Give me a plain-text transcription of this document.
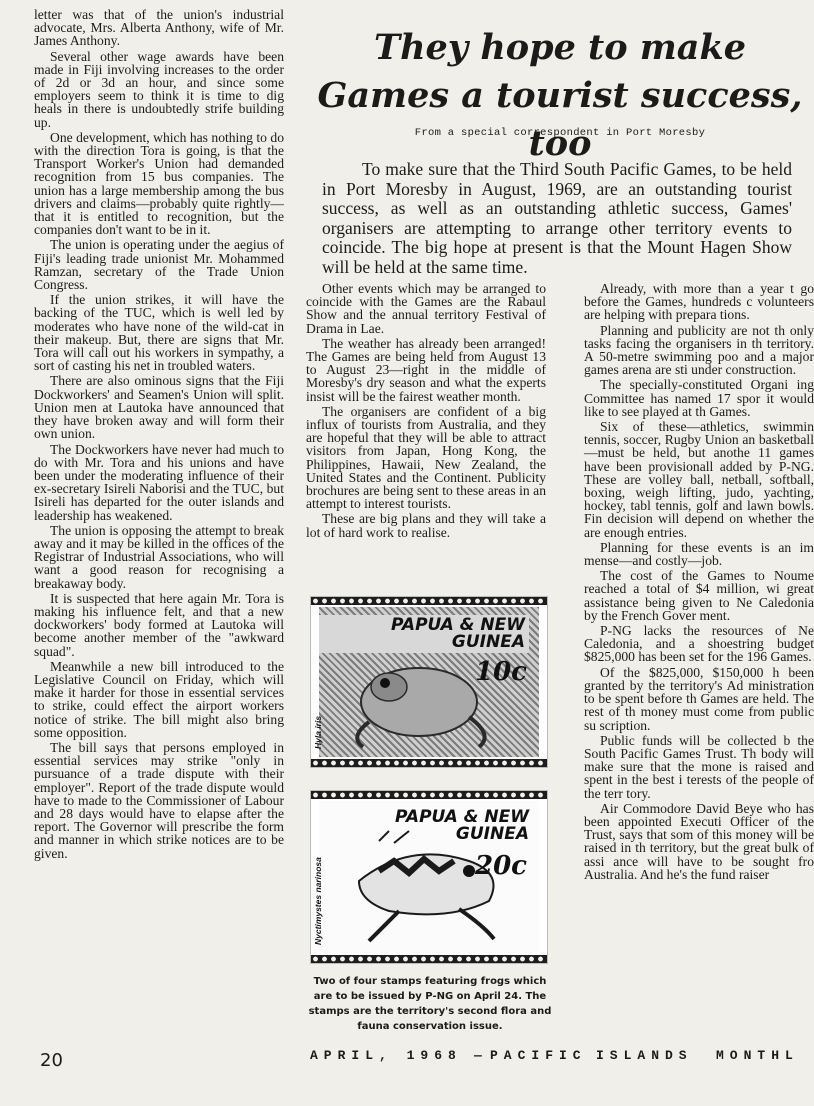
letter was that of the union's industrial advocate, Mrs. Alberta Anthony, wife of Mr. James Anthony.

Several other wage awards have been made in Fiji involving increases to the order of 2d or 3d an hour, and since some employers seem to think it is time to dig heals in there is undoubtedly strife building up.

One development, which has nothing to do with the direction Tora is going, is that the Transport Worker's Union had demanded recognition from 15 bus companies. The union has a large membership among the bus drivers and claims—probably quite rightly— that it is entitled to recognition, but the companies don't want to be in it.

The union is operating under the aegius of Fiji's leading trade unionist Mr. Mohammed Ramzan, secretary of the Trade Union Congress.

If the union strikes, it will have the backing of the TUC, which is well led by moderates who have none of the wild-cat in their makeup. But, there are signs that Mr. Tora will call out his workers in sympathy, a sort of casting his net in troubled waters.

There are also ominous signs that the Fiji Dockworkers' and Seamen's Union will split. Union men at Lautoka have announced that they have broken away and will form their own union.

The Dockworkers have never had much to do with Mr. Tora and his unions and have been under the moderating influence of their ex-secretary Isireli Naborisi and the TUC, but Isireli has departed for the outer islands and leadership has weakened.

The union is opposing the attempt to break away and it may be killed in the offices of the Registrar of Industrial Associations, who will want a good reason for recognising a breakaway body.

It is suspected that here again Mr. Tora is making his influence felt, and that a new dockworkers' body formed at Lautoka will become another member of the "awkward squad".

Meanwhile a new bill introduced to the Legislative Council on Friday, which will make it harder for those in essential services to strike, could effect the airport workers notice of strike. The bill might also bring some opposition.

The bill says that persons employed in essential services may strike "only in pursuance of a trade dispute with their employer". Report of the trade dispute would have to made to the Commissioner of Labour and 28 days would have to elapse after the report. The Governor will prescribe the form and manner in which strike notices are to be given.

They hope to make Games a tourist success, too
From a special correspondent in Port Moresby

To make sure that the Third South Pacific Games, to be held in Port Moresby in August, 1969, are an outstanding tourist success, as well as an outstanding athletic success, Games' organisers are attempting to arrange other territory events to coincide. The big hope at present is that the Mount Hagen Show will be held at the same time.

Other events which may be arranged to coincide with the Games are the Rabaul Show and the annual territory Festival of Drama in Lae.

The weather has already been arranged! The Games are being held from August 13 to August 23—right in the middle of Moresby's dry season and what the experts insist will be the fairest weather month.

The organisers are confident of a big influx of tourists from Australia, and they are hopeful that they will be able to attract visitors from Japan, Hong Kong, the Philippines, Hawaii, New Zealand, the United States and the Continent. Publicity brochures are being sent to these areas in an attempt to interest tourists.

These are big plans and they will take a lot of hard work to realise.

PAPUA & NEW GUINEA
10c
Hyla iris
PAPUA & NEW GUINEA
20c
Nyctimystes narinosa

Two of four stamps featuring frogs which are to be issued by P-NG on April 24. The stamps are the territory's second flora and fauna conservation issue.

Already, with more than a year t go before the Games, hundreds c volunteers are helping with prepara tions.

Planning and publicity are not th only tasks facing the organisers in th territory. A 50-metre swimming poo and a major games arena are sti under construction.

The specially-constituted Organi ing Committee has named 17 spor it would like to see played at th Games.

Six of these—athletics, swimmin tennis, soccer, Rugby Union an basketball—must be held, but anothe 11 games have been provisionall added by P-NG. These are volley ball, netball, softball, boxing, weigh lifting, judo, yachting, hockey, tabl tennis, golf and lawn bowls. Fin decision will depend on whether the are enough entries.

Planning for these events is an im mense—and costly—job.

The cost of the Games to Noume reached a total of $4 million, wi great assistance being given to Ne Caledonia by the French Gover ment.

P-NG lacks the resources of Ne Caledonia, and a shoestring budget $825,000 has been set for the 196 Games.

Of the $825,000, $150,000 h been granted by the territory's Ad ministration to be spent before th Games are held. The rest of th money must come from public su scription.

Public funds will be collected b the South Pacific Games Trust. Th body will make sure that the mone is raised and spent in the best i terests of the people of the terr tory.

Air Commodore David Beye who has been appointed Executi Officer of the Trust, says that som of this money will be raised in th territory, but the great bulk of assi ance will have to be sought fro Australia. And he's the fund raiser

20	APRIL, 1968 — PACIFIC ISLANDS MONTHL
